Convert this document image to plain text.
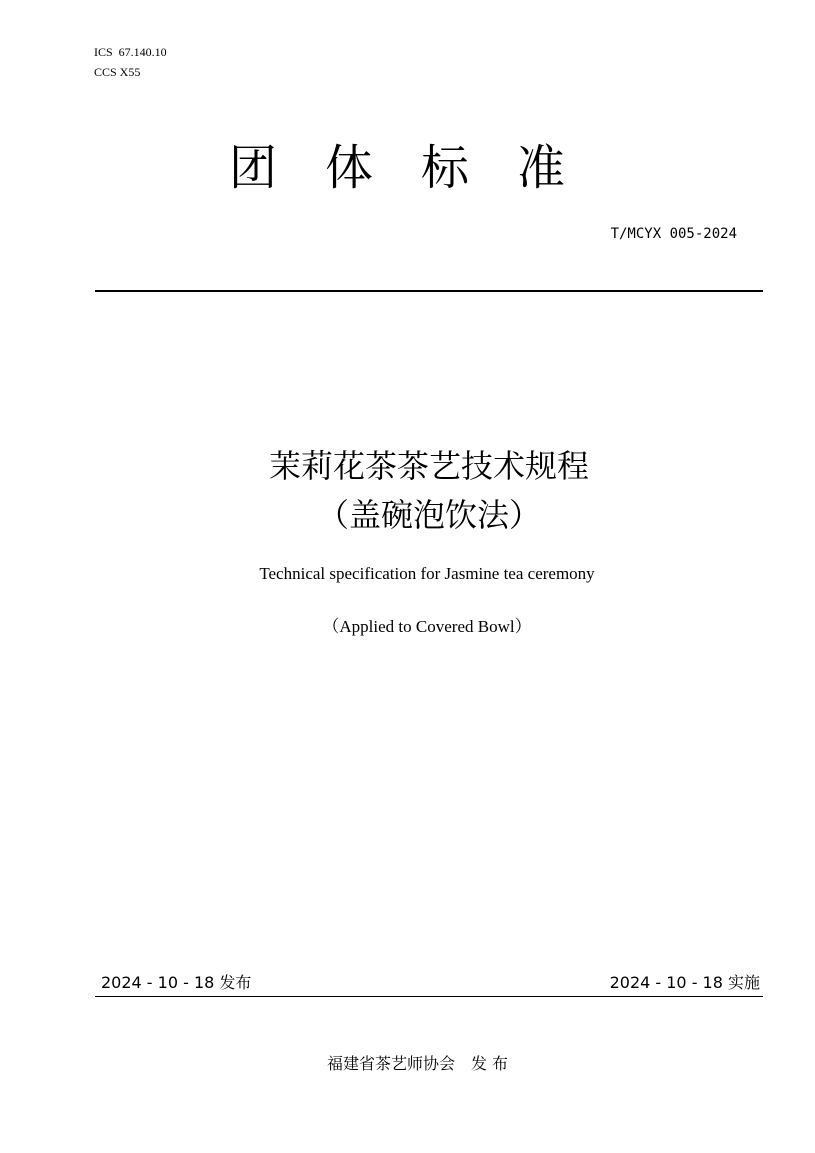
ICS  67.140.10
CCS X55
团体标准
T/MCYX 005-2024
茉莉花茶茶艺技术规程
（盖碗泡饮法）
Technical specification for Jasmine tea ceremony
（Applied to Covered Bowl）
2024 - 10 - 18 发布	2024 - 10 - 18 实施
福建省茶艺师协会　发 布
